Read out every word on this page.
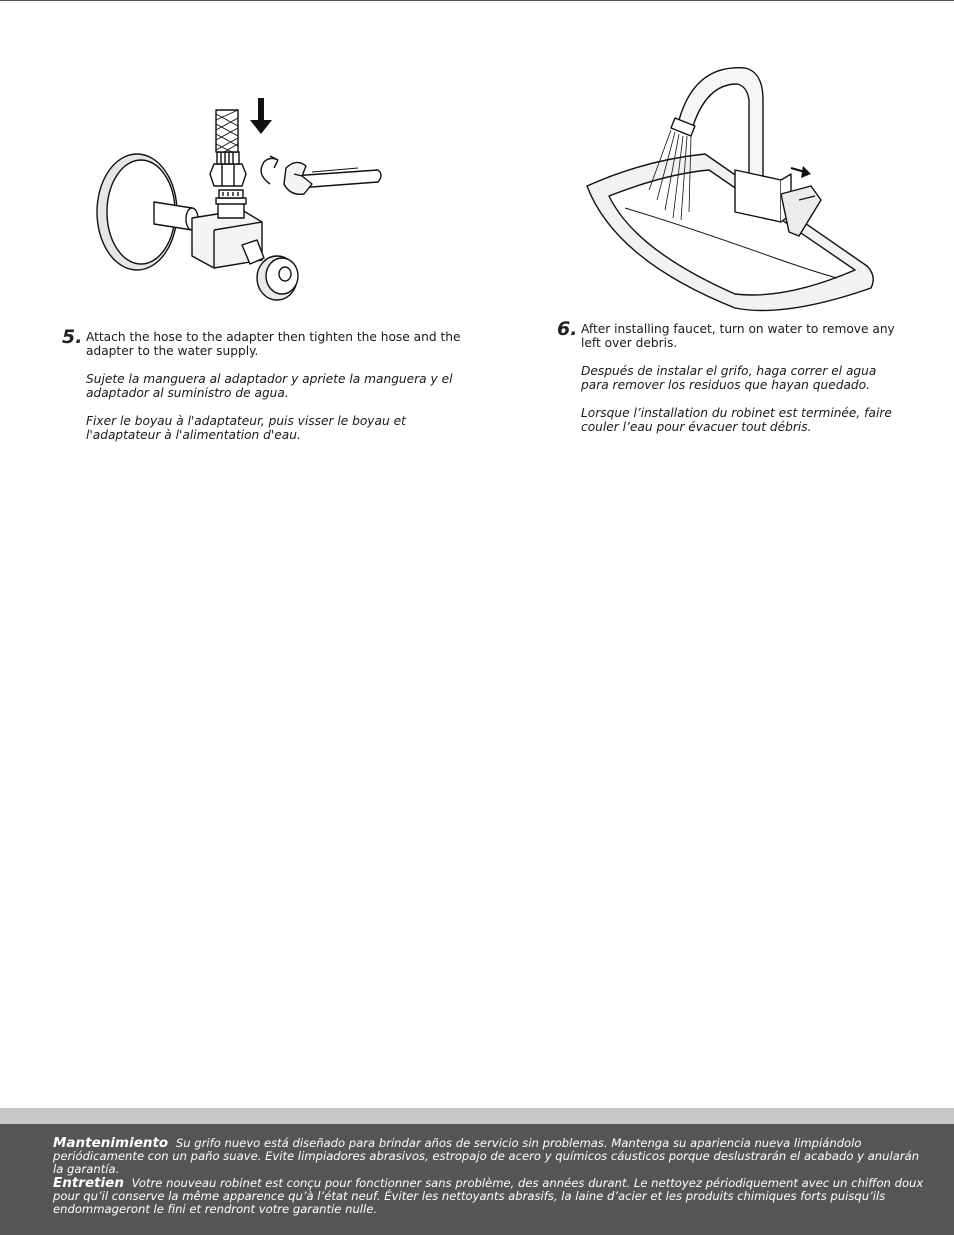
5. Attach the hose to the adapter then tighten the hose and the adapter to the water supply.

Sujete la manguera al adaptador y apriete la manguera y el adaptador al suministro de agua.

Fixer le boyau à l'adaptateur, puis visser le boyau et l'adaptateur à l'alimentation d'eau.

6. After installing faucet, turn on water to remove any left over debris.

Después de instalar el grifo, haga correr el agua para remover los residuos que hayan quedado.

Lorsque l’installation du robinet est terminée, faire couler l’eau pour évacuer tout débris.

Mantenimiento Su grifo nuevo está diseñado para brindar años de servicio sin problemas. Mantenga su apariencia nueva limpiándolo periódicamente con un paño suave. Evite limpiadores abrasivos, estropajo de acero y químicos cáusticos porque deslustrarán el acabado y anularán la garantía.
Entretien Votre nouveau robinet est conçu pour fonctionner sans problème, des années durant. Le nettoyez périodiquement avec un chiffon doux pour qu’il conserve la même apparence qu’à l’état neuf. Éviter les nettoyants abrasifs, la laine d’acier et les produits chimiques forts puisqu’ils endommageront le fini et rendront votre garantie nulle.
